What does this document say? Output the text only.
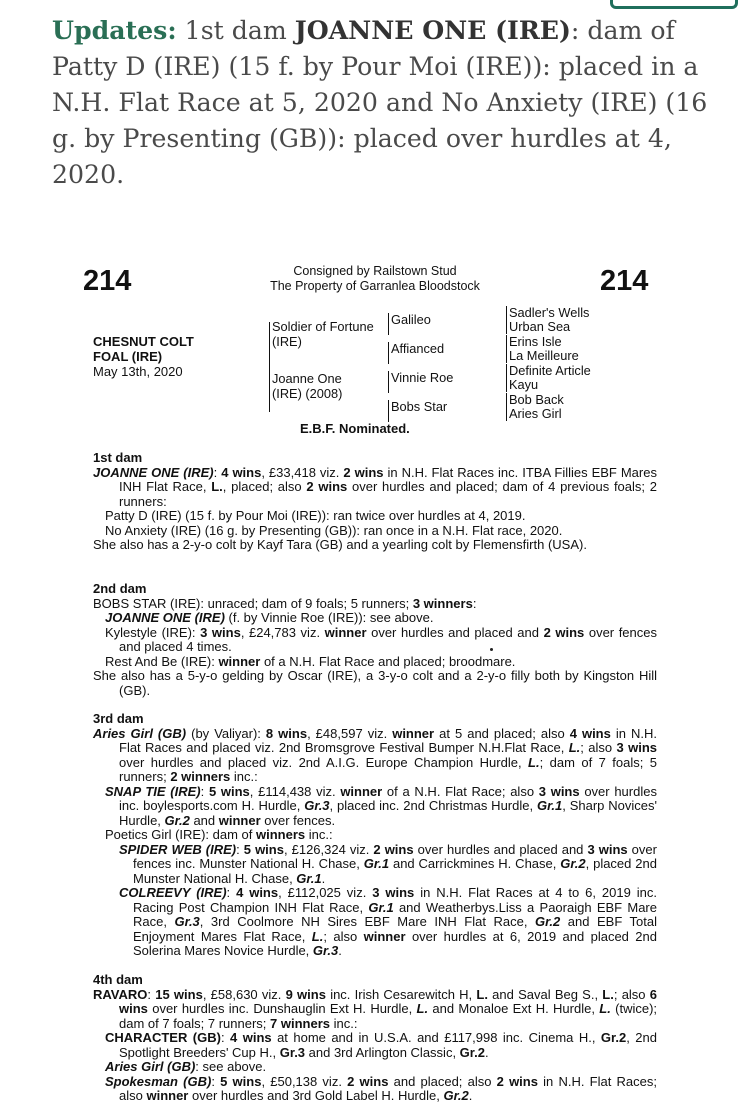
Updates: 1st dam JOANNE ONE (IRE): dam of Patty D (IRE) (15 f. by Pour Moi (IRE)): placed in a N.H. Flat Race at 5, 2020 and No Anxiety (IRE) (16 g. by Presenting (GB)): placed over hurdles at 4, 2020.

214	214
Consigned by Railstown Stud
The Property of Garranlea Bloodstock
CHESNUT COLT
FOAL (IRE)
May 13th, 2020
Soldier of Fortune (IRE)
Joanne One (IRE) (2008)
Galileo
Affianced
Vinnie Roe
Bobs Star
Sadler's Wells
Urban Sea
Erins Isle
La Meilleure
Definite Article
Kayu
Bob Back
Aries Girl
E.B.F. Nominated.

1st dam

JOANNE ONE (IRE): 4 wins, £33,418 viz. 2 wins in N.H. Flat Races inc. ITBA Fillies EBF Mares INH Flat Race, L., placed; also 2 wins over hurdles and placed; dam of 4 previous foals; 2 runners:

Patty D (IRE) (15 f. by Pour Moi (IRE)): ran twice over hurdles at 4, 2019.

No Anxiety (IRE) (16 g. by Presenting (GB)): ran once in a N.H. Flat race, 2020.

She also has a 2-y-o colt by Kayf Tara (GB) and a yearling colt by Flemensfirth (USA).

2nd dam

BOBS STAR (IRE): unraced; dam of 9 foals; 5 runners; 3 winners:

JOANNE ONE (IRE) (f. by Vinnie Roe (IRE)): see above.

Kylestyle (IRE): 3 wins, £24,783 viz. winner over hurdles and placed and 2 wins over fences and placed 4 times.

Rest And Be (IRE): winner of a N.H. Flat Race and placed; broodmare.

She also has a 5-y-o gelding by Oscar (IRE), a 3-y-o colt and a 2-y-o filly both by Kingston Hill (GB).

3rd dam

Aries Girl (GB) (by Valiyar): 8 wins, £48,597 viz. winner at 5 and placed; also 4 wins in N.H. Flat Races and placed viz. 2nd Bromsgrove Festival Bumper N.H.Flat Race, L.; also 3 wins over hurdles and placed viz. 2nd A.I.G. Europe Champion Hurdle, L.; dam of 7 foals; 5 runners; 2 winners inc.:

SNAP TIE (IRE): 5 wins, £114,438 viz. winner of a N.H. Flat Race; also 3 wins over hurdles inc. boylesports.com H. Hurdle, Gr.3, placed inc. 2nd Christmas Hurdle, Gr.1, Sharp Novices' Hurdle, Gr.2 and winner over fences.

Poetics Girl (IRE): dam of winners inc.:

SPIDER WEB (IRE): 5 wins, £126,324 viz. 2 wins over hurdles and placed and 3 wins over fences inc. Munster National H. Chase, Gr.1 and Carrickmines H. Chase, Gr.2, placed 2nd Munster National H. Chase, Gr.1.

COLREEVY (IRE): 4 wins, £112,025 viz. 3 wins in N.H. Flat Races at 4 to 6, 2019 inc. Racing Post Champion INH Flat Race, Gr.1 and Weatherbys.Liss a Paoraigh EBF Mare Race, Gr.3, 3rd Coolmore NH Sires EBF Mare INH Flat Race, Gr.2 and EBF Total Enjoyment Mares Flat Race, L.; also winner over hurdles at 6, 2019 and placed 2nd Solerina Mares Novice Hurdle, Gr.3.

4th dam

RAVARO: 15 wins, £58,630 viz. 9 wins inc. Irish Cesarewitch H, L. and Saval Beg S., L.; also 6 wins over hurdles inc. Dunshauglin Ext H. Hurdle, L. and Monaloe Ext H. Hurdle, L. (twice); dam of 7 foals; 7 runners; 7 winners inc.:

CHARACTER (GB): 4 wins at home and in U.S.A. and £117,998 inc. Cinema H., Gr.2, 2nd Spotlight Breeders' Cup H., Gr.3 and 3rd Arlington Classic, Gr.2.

Aries Girl (GB): see above.

Spokesman (GB): 5 wins, £50,138 viz. 2 wins and placed; also 2 wins in N.H. Flat Races; also winner over hurdles and 3rd Gold Label H. Hurdle, Gr.2.
